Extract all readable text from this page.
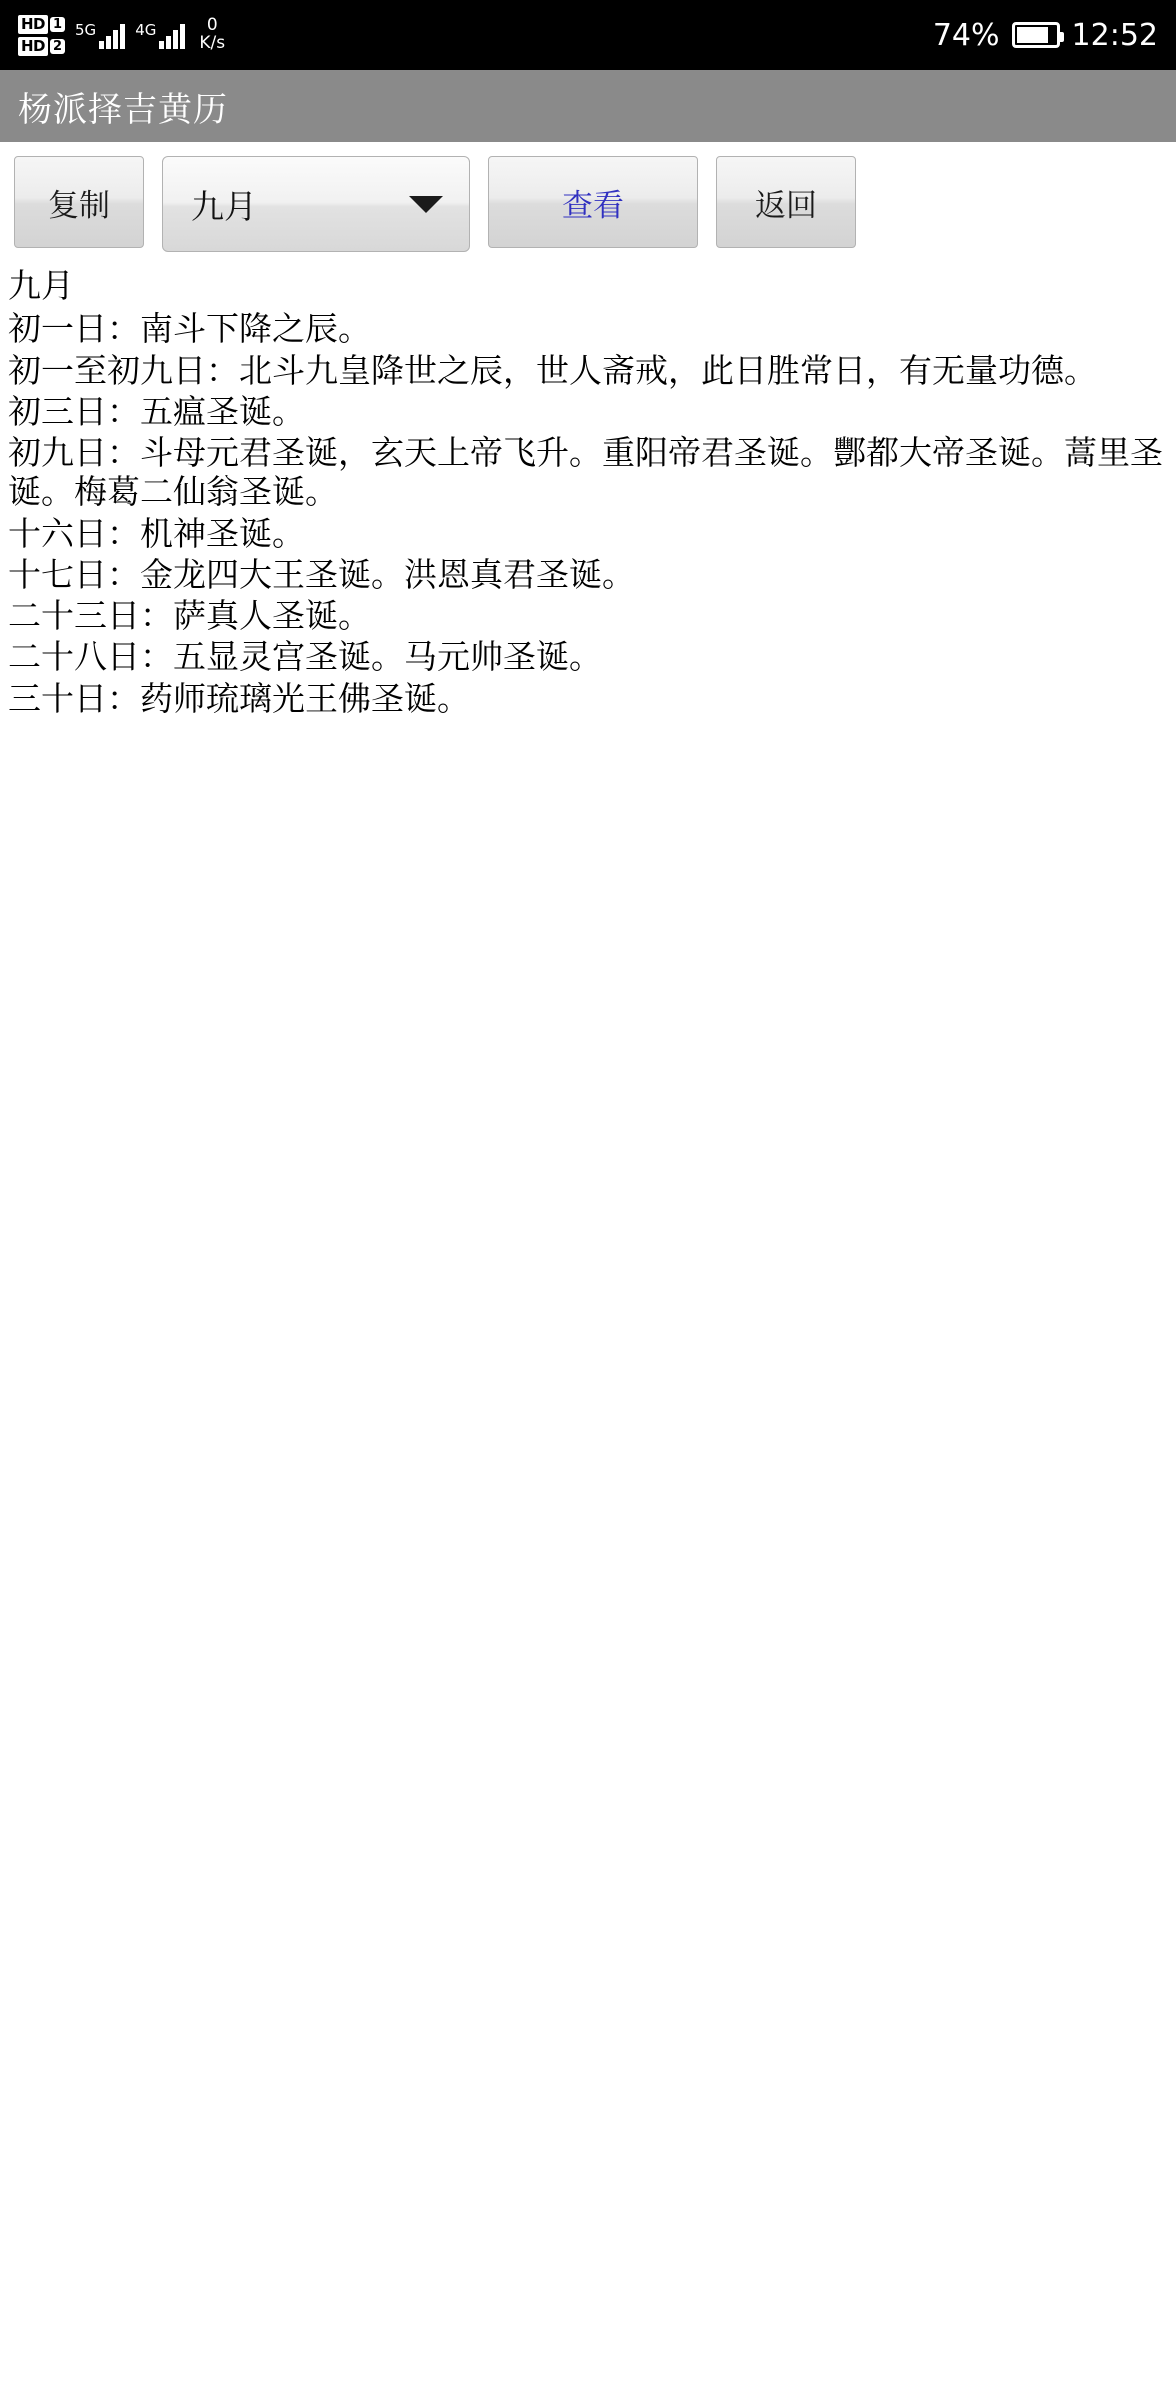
HD 1
HD 2
5G	4G	0
K/s	74% 12:52
杨派择吉黄历
复制	九月	查看	返回

九月

初一日：南斗下降之辰。

初一至初九日：北斗九皇降世之辰，世人斋戒，此日胜常日，有无量功德。

初三日：五瘟圣诞。

初九日：斗母元君圣诞，玄天上帝飞升。重阳帝君圣诞。酆都大帝圣诞。蒿里圣诞。梅葛二仙翁圣诞。

十六日：机神圣诞。

十七日：金龙四大王圣诞。洪恩真君圣诞。

二十三日：萨真人圣诞。

二十八日：五显灵宫圣诞。马元帅圣诞。

三十日：药师琉璃光王佛圣诞。
